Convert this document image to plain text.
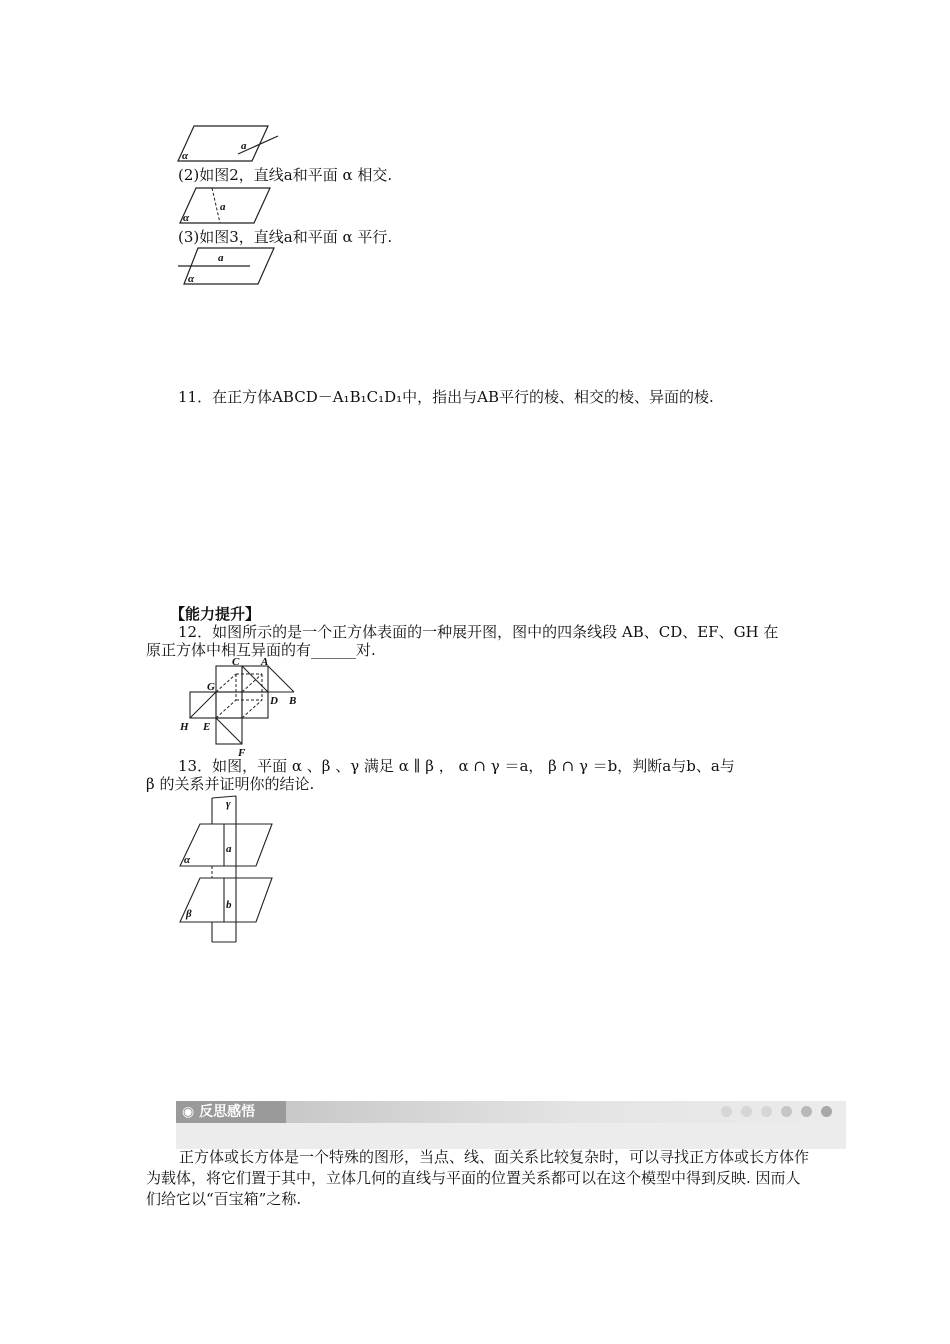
a
α
(2)如图2，直线a和平面 α 相交.
a
α
(3)如图3，直线a和平面 α 平行.
a
α
11．在正方体ABCD－A₁B₁C₁D₁中，指出与AB平行的棱、相交的棱、异面的棱.
【能力提升】
12．如图所示的是一个正方体表面的一种展开图，图中的四条线段 AB、CD、EF、GH 在
原正方体中相互异面的有______对.
C A
G
D B
H E
F
13．如图，平面 α 、β 、γ 满足 α ∥ β ， α ∩ γ ＝a， β ∩ γ ＝b，判断a与b、a与
β 的关系并证明你的结论.
γ
α
β
a
b
◉ 反思感悟
正方体或长方体是一个特殊的图形，当点、线、面关系比较复杂时，可以寻找正方体或长方体作为载体，将它们置于其中，立体几何的直线与平面的位置关系都可以在这个模型中得到反映. 因而人们给它以“百宝箱”之称.
